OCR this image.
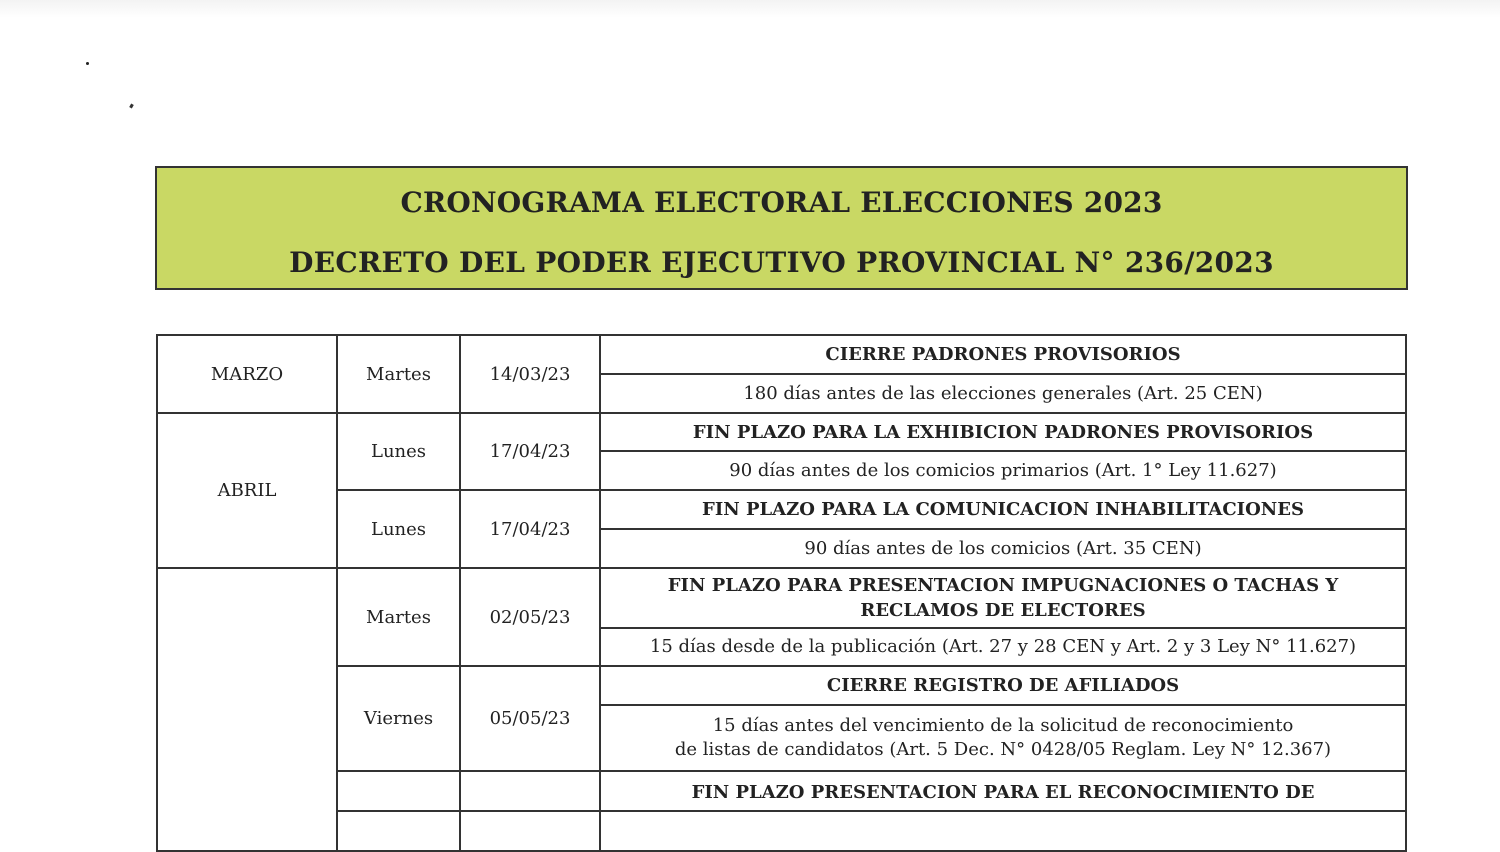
CRONOGRAMA ELECTORAL ELECCIONES 2023
DECRETO DEL PODER EJECUTIVO PROVINCIAL N° 236/2023
MARZO	Martes	14/03/23	CIERRE PADRONES PROVISORIOS
			180 días antes de las elecciones generales (Art. 25 CEN)
ABRIL	Lunes	17/04/23	FIN PLAZO PARA LA EXHIBICION PADRONES PROVISORIOS
			90 días antes de los comicios primarios (Art. 1° Ley 11.627)
	Lunes	17/04/23	FIN PLAZO PARA LA COMUNICACION INHABILITACIONES
			90 días antes de los comicios (Art. 35 CEN)
	Martes	02/05/23	FIN PLAZO PARA PRESENTACION IMPUGNACIONES O TACHAS Y
RECLAMOS DE ELECTORES
			15 días desde de la publicación (Art. 27 y 28 CEN y Art. 2 y 3 Ley N° 11.627)
	Viernes	05/05/23	CIERRE REGISTRO DE AFILIADOS
			15 días antes del vencimiento de la solicitud de reconocimiento
de listas de candidatos (Art. 5 Dec. N° 0428/05 Reglam. Ley N° 12.367)
			FIN PLAZO PRESENTACION PARA EL RECONOCIMIENTO DE
